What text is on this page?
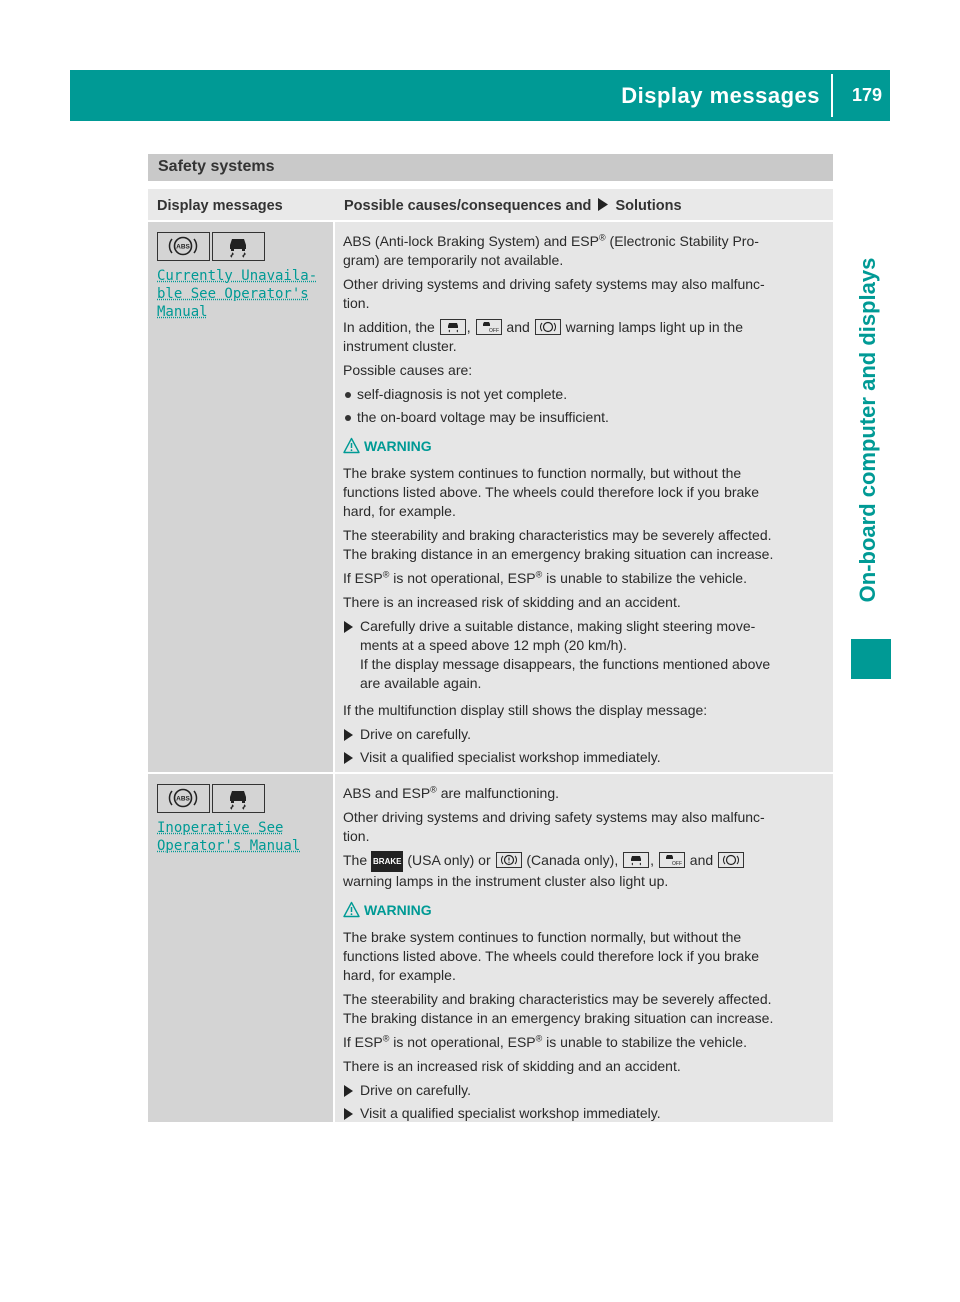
Display messages 179
On-board computer and displays
Safety systems
Display messages	Possible causes/consequences and Solutions
ABS
Currently Unavaila‐
ble See Operator's
Manual
ABS (Anti-lock Braking System) and ESP® (Electronic Stability Pro-
gram) are temporarily not available.
Other driving systems and driving safety systems may also malfunc-
tion.
In addition, the ,	OFF and	warning lamps light up in the
instrument cluster.
Possible causes are:
self-diagnosis is not yet complete.
the on-board voltage may be insufficient.
WARNING
The brake system continues to function normally, but without the
functions listed above. The wheels could therefore lock if you brake
hard, for example.
The steerability and braking characteristics may be severely affected.
The braking distance in an emergency braking situation can increase.
If ESP® is not operational, ESP® is unable to stabilize the vehicle.
There is an increased risk of skidding and an accident.
Carefully drive a suitable distance, making slight steering move-
ments at a speed above 12 mph (20 km/h).
If the display message disappears, the functions mentioned above
are available again.
If the multifunction display still shows the display message:
Drive on carefully.
Visit a qualified specialist workshop immediately.
ABS
Inoperative See
Operator's Manual
ABS and ESP® are malfunctioning.
Other driving systems and driving safety systems may also malfunc-
tion.
The BRAKE (USA only) or	(Canada only), ,	OFF and

warning lamps in the instrument cluster also light up.
WARNING
The brake system continues to function normally, but without the
functions listed above. The wheels could therefore lock if you brake
hard, for example.
The steerability and braking characteristics may be severely affected.
The braking distance in an emergency braking situation can increase.
If ESP® is not operational, ESP® is unable to stabilize the vehicle.
There is an increased risk of skidding and an accident.
Drive on carefully.
Visit a qualified specialist workshop immediately.
